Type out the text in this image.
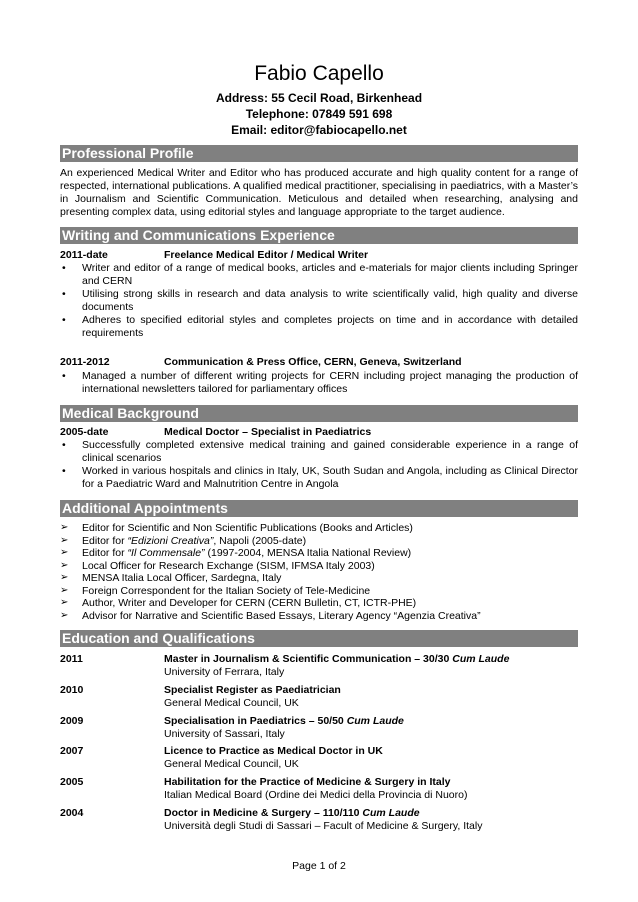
Fabio Capello
Address: 55 Cecil Road, Birkenhead
Telephone: 07849 591 698
Email: editor@fabiocapello.net
Professional Profile
An experienced Medical Writer and Editor who has produced accurate and high quality content for a range of respected, international publications. A qualified medical practitioner, specialising in paediatrics, with a Master’s in Journalism and Scientific Communication. Meticulous and detailed when researching, analysing and presenting complex data, using editorial styles and language appropriate to the target audience.
Writing and Communications Experience
2011-date	Freelance Medical Editor / Medical Writer
• Writer and editor of a range of medical books, articles and e-materials for major clients including Springer and CERN
• Utilising strong skills in research and data analysis to write scientifically valid, high quality and diverse documents
• Adheres to specified editorial styles and completes projects on time and in accordance with detailed requirements
2011-2012	Communication & Press Office, CERN, Geneva, Switzerland
• Managed a number of different writing projects for CERN including project managing the production of international newsletters tailored for parliamentary offices
Medical Background
2005-date	Medical Doctor – Specialist in Paediatrics
• Successfully completed extensive medical training and gained considerable experience in a range of clinical scenarios
• Worked in various hospitals and clinics in Italy, UK, South Sudan and Angola, including as Clinical Director for a Paediatric Ward and Malnutrition Centre in Angola
Additional Appointments
➢ Editor for Scientific and Non Scientific Publications (Books and Articles)
➢ Editor for “Edizioni Creativa”, Napoli (2005-date)
➢ Editor for “Il Commensale” (1997-2004, MENSA Italia National Review)
➢ Local Officer for Research Exchange (SISM, IFMSA Italy 2003)
➢ MENSA Italia Local Officer, Sardegna, Italy
➢ Foreign Correspondent for the Italian Society of Tele-Medicine
➢ Author, Writer and Developer for CERN (CERN Bulletin, CT, ICTR-PHE)
➢ Advisor for Narrative and Scientific Based Essays, Literary Agency “Agenzia Creativa”
Education and Qualifications
2011	Master in Journalism & Scientific Communication – 30/30 Cum Laude
University of Ferrara, Italy
2010	Specialist Register as Paediatrician
General Medical Council, UK
2009	Specialisation in Paediatrics – 50/50 Cum Laude
University of Sassari, Italy
2007	Licence to Practice as Medical Doctor in UK
General Medical Council, UK
2005	Habilitation for the Practice of Medicine & Surgery in Italy
Italian Medical Board (Ordine dei Medici della Provincia di Nuoro)
2004	Doctor in Medicine & Surgery – 110/110 Cum Laude
Università degli Studi di Sassari – Facult of Medicine & Surgery, Italy
Page 1 of 2
